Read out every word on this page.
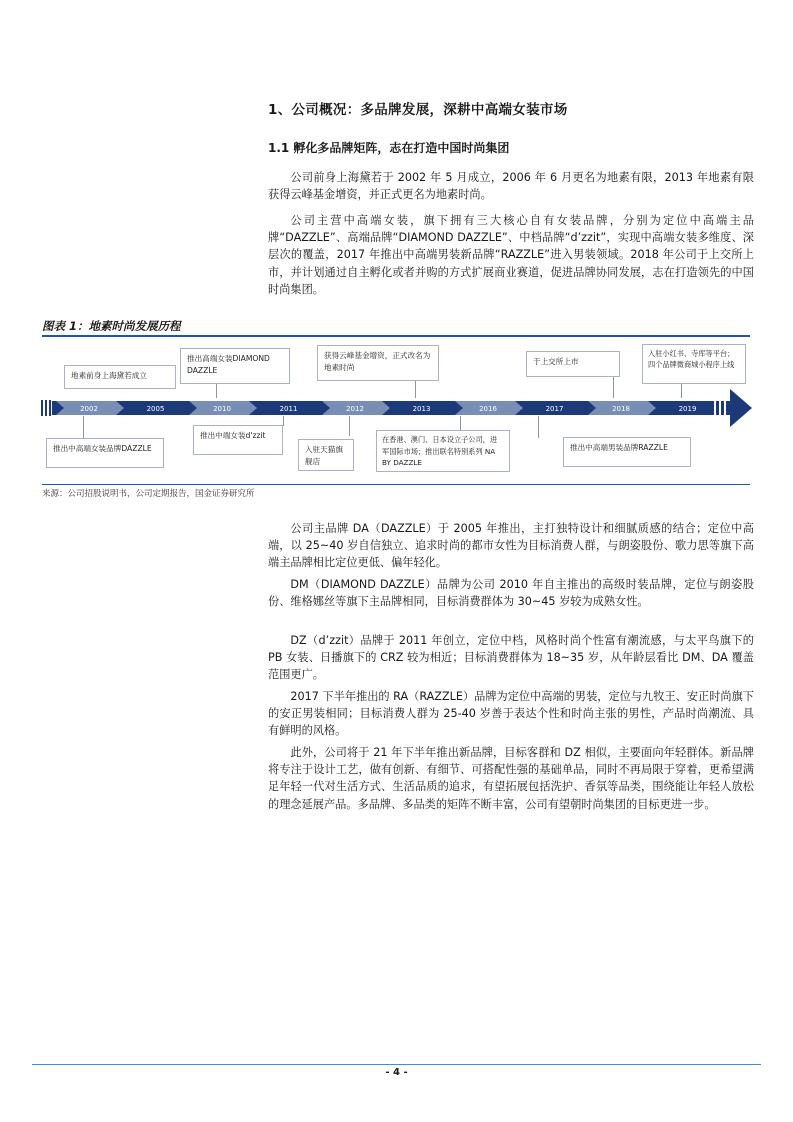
1、公司概况：多品牌发展，深耕中高端女装市场
1.1 孵化多品牌矩阵，志在打造中国时尚集团

公司前身上海黛若于 2002 年 5 月成立，2006 年 6 月更名为地素有限，2013 年地素有限获得云峰基金增资，并正式更名为地素时尚。

公司主营中高端女装，旗下拥有三大核心自有女装品牌，分别为定位中高端主品牌“DAZZLE”、高端品牌“DIAMOND DAZZLE”、中档品牌“d’zzit”，实现中高端女装多维度、深层次的覆盖，2017 年推出中高端男装新品牌“RAZZLE”进入男装领域。2018 年公司于上交所上市，并计划通过自主孵化或者并购的方式扩展商业赛道，促进品牌协同发展，志在打造领先的中国时尚集团。

图表 1：地素时尚发展历程
地素前身上海黛若成立
推出高端女装DIAMOND DAZZLE
获得云峰基金增资，正式改名为地素时尚
于上交所上市
入驻小红书、寺库等平台；四个品牌微商城小程序上线
2002	2005	2010	2011	2012	2013	2016	2017	2018	2019
推出中高端女装品牌DAZZLE
推出中端女装d'zzit
入驻天猫旗舰店
在香港、澳门、日本设立子公司，进军国际市场；推出联名特别系列 NA BY DAZZLE
推出中高端男装品牌RAZZLE
来源：公司招股说明书，公司定期报告，国金证券研究所

公司主品牌 DA（DAZZLE）于 2005 年推出，主打独特设计和细腻质感的结合；定位中高端，以 25~40 岁自信独立、追求时尚的都市女性为目标消费人群，与朗姿股份、歌力思等旗下高端主品牌相比定位更低、偏年轻化。

DM（DIAMOND DAZZLE）品牌为公司 2010 年自主推出的高级时装品牌，定位与朗姿股份、维格娜丝等旗下主品牌相同，目标消费群体为 30~45 岁较为成熟女性。

DZ（d’zzit）品牌于 2011 年创立，定位中档，风格时尚个性富有潮流感，与太平鸟旗下的 PB 女装、日播旗下的 CRZ 较为相近；目标消费群体为 18~35 岁，从年龄层看比 DM、DA 覆盖范围更广。

2017 下半年推出的 RA（RAZZLE）品牌为定位中高端的男装，定位与九牧王、安正时尚旗下的安正男装相同；目标消费人群为 25-40 岁善于表达个性和时尚主张的男性，产品时尚潮流、具有鲜明的风格。

此外，公司将于 21 年下半年推出新品牌，目标客群和 DZ 相似，主要面向年轻群体。新品牌将专注于设计工艺，做有创新、有细节、可搭配性强的基础单品，同时不再局限于穿着，更希望满足年轻一代对生活方式、生活品质的追求，有望拓展包括洗护、香氛等品类，围绕能让年轻人放松的理念延展产品。多品牌、多品类的矩阵不断丰富，公司有望朝时尚集团的目标更进一步。

- 4 -
